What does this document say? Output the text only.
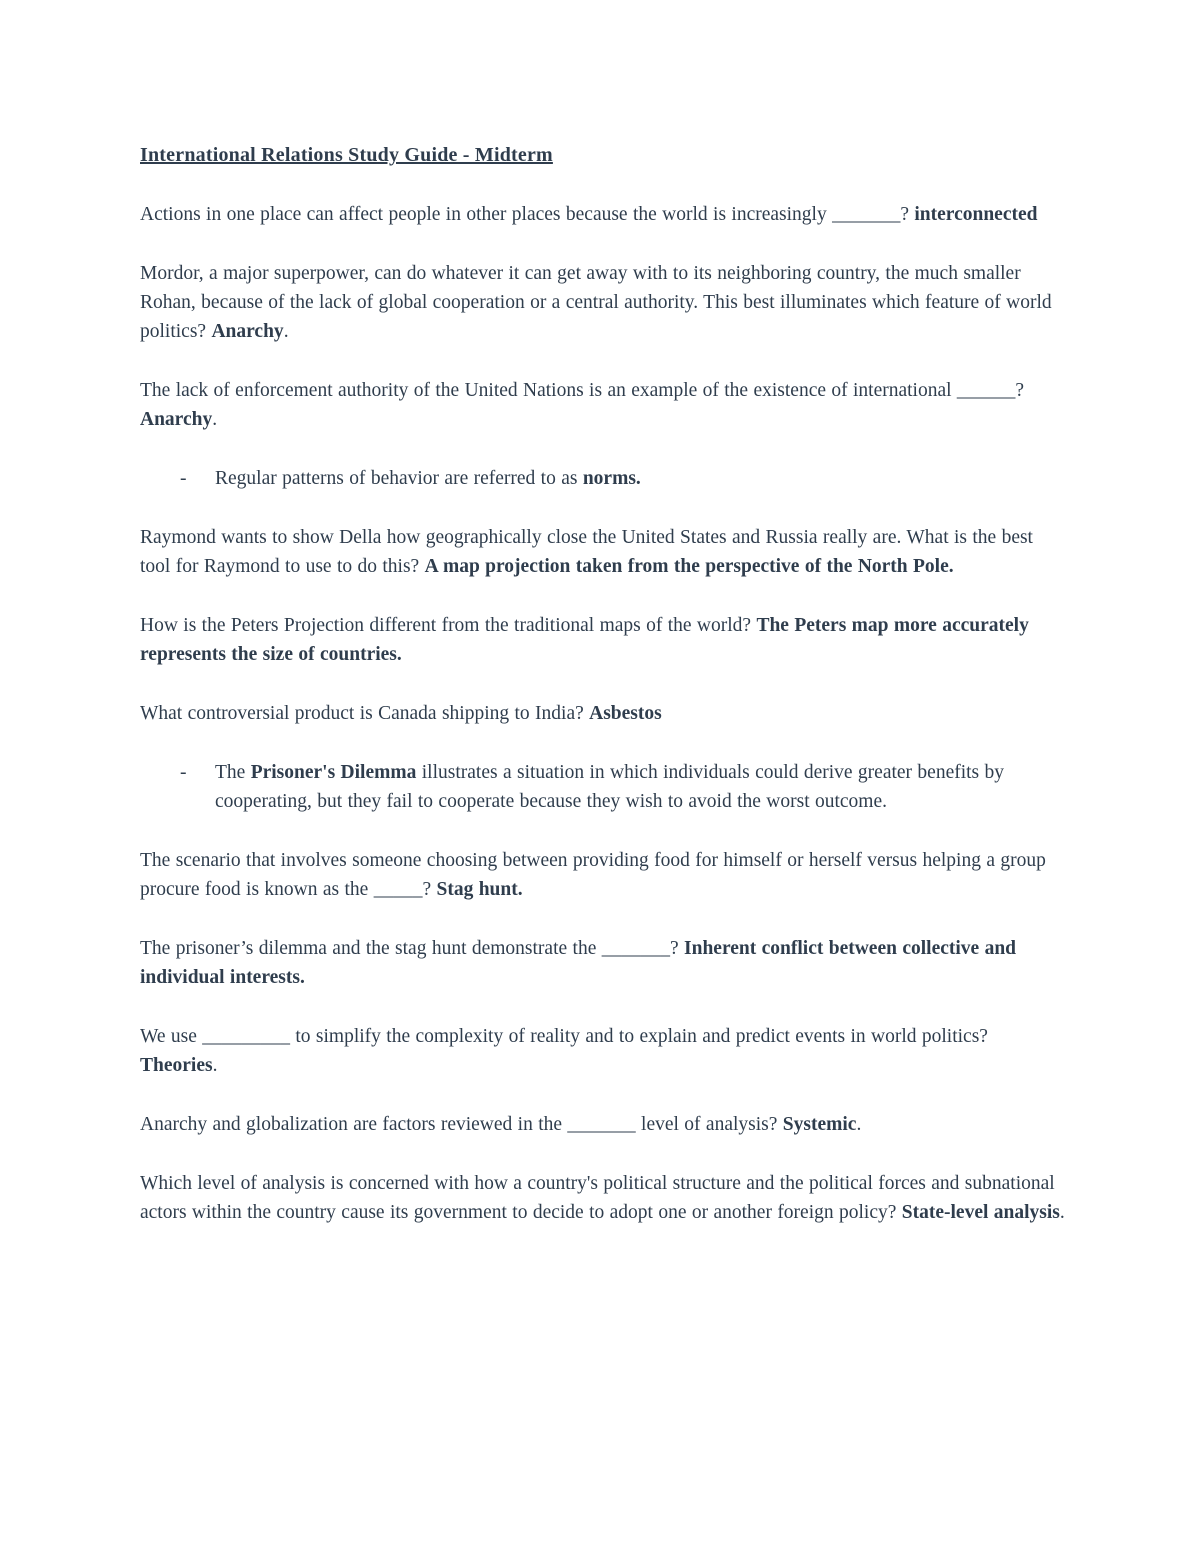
International Relations Study Guide - Midterm

Actions in one place can affect people in other places because the world is increasingly _______? interconnected

Mordor, a major superpower, can do whatever it can get away with to its neighboring country, the much smaller Rohan, because of the lack of global cooperation or a central authority. This best illuminates which feature of world politics? Anarchy.

The lack of enforcement authority of the United Nations is an example of the existence of international ______? Anarchy.

-	Regular patterns of behavior are referred to as norms.

Raymond wants to show Della how geographically close the United States and Russia really are. What is the best tool for Raymond to use to do this? A map projection taken from the perspective of the North Pole.

How is the Peters Projection different from the traditional maps of the world? The Peters map more accurately represents the size of countries.

What controversial product is Canada shipping to India? Asbestos

-	The Prisoner's Dilemma illustrates a situation in which individuals could derive greater benefits by cooperating, but they fail to cooperate because they wish to avoid the worst outcome.

The scenario that involves someone choosing between providing food for himself or herself versus helping a group procure food is known as the _____? Stag hunt.

The prisoner’s dilemma and the stag hunt demonstrate the _______? Inherent conflict between collective and individual interests.

We use _________ to simplify the complexity of reality and to explain and predict events in world politics? Theories.

Anarchy and globalization are factors reviewed in the _______ level of analysis? Systemic.

Which level of analysis is concerned with how a country's political structure and the political forces and subnational actors within the country cause its government to decide to adopt one or another foreign policy? State-level analysis.
